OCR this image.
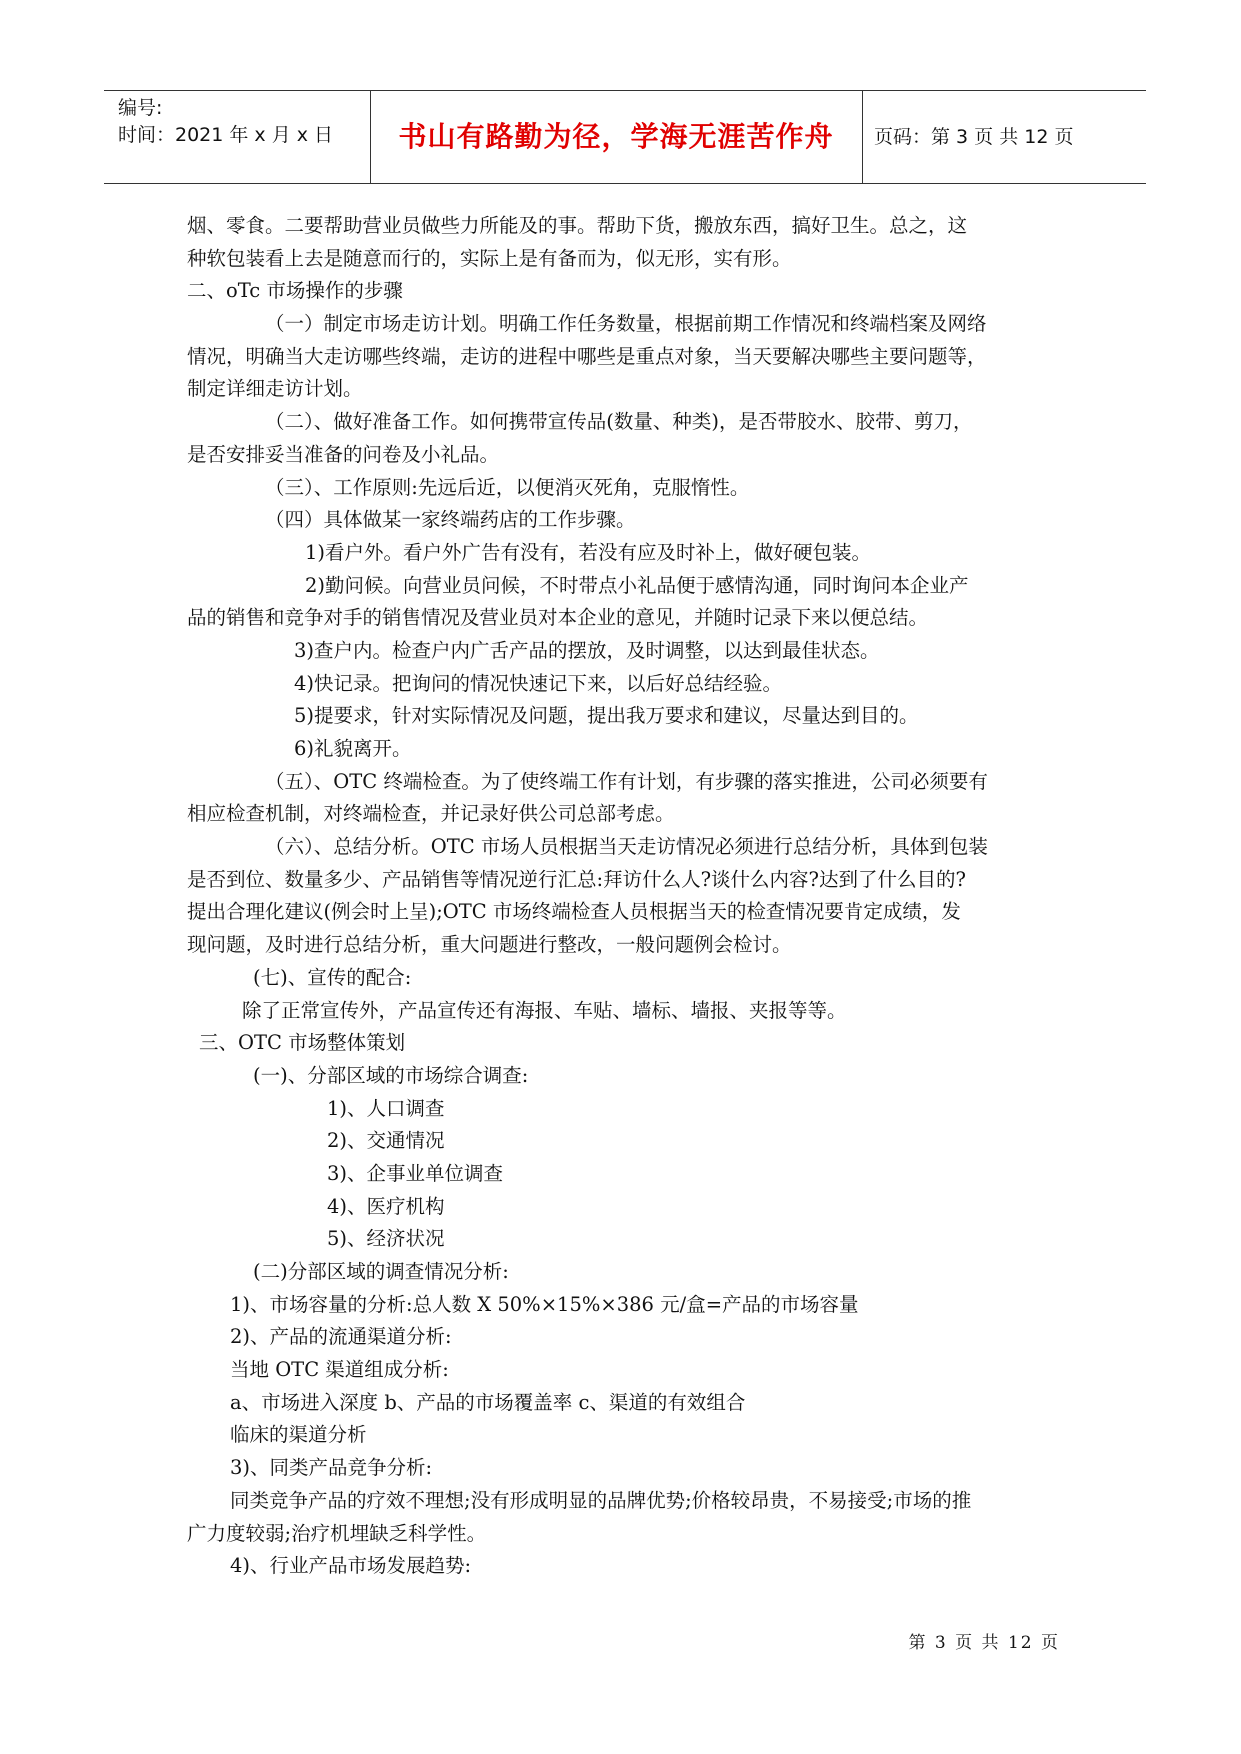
编号:
时间：2021 年 x 月 x 日	书山有路勤为径，学海无涯苦作舟	页码：第 3 页 共 12 页
烟、零食。二要帮助营业员做些力所能及的事。帮助下货，搬放东西，搞好卫生。总之，这
种软包装看上去是随意而行的，实际上是有备而为，似无形，实有形。
二、oTc 市场操作的步骤
（一）制定市场走访计划。明确工作任务数量，根据前期工作情况和终端档案及网络
情况，明确当大走访哪些终端，走访的进程中哪些是重点对象，当天要解决哪些主要问题等，
制定详细走访计划。
（二）、做好准备工作。如何携带宣传品(数量、种类)，是否带胶水、胶带、剪刀，
是否安排妥当准备的问卷及小礼品。
（三）、工作原则:先远后近，以便消灭死角，克服惰性。
（四）具体做某一家终端药店的工作步骤。
1)看户外。看户外广告有没有，若没有应及时补上，做好硬包装。
2)勤问候。向营业员问候，不时带点小礼品便于感情沟通，同时询问本企业产
品的销售和竞争对手的销售情况及营业员对本企业的意见，并随时记录下来以便总结。
3)查户内。检查户内广舌产品的摆放，及时调整，以达到最佳状态。
4)快记录。把询问的情况快速记下来，以后好总结经验。
5)提要求，针对实际情况及问题，提出我万要求和建议，尽量达到目的。
6)礼貌离开。
（五）、OTC 终端检查。为了使终端工作有计划，有步骤的落实推进，公司必须要有
相应检查机制，对终端检查，并记录好供公司总部考虑。
（六）、总结分析。OTC 市场人员根据当天走访情况必须进行总结分析，具体到包装
是否到位、数量多少、产品销售等情况逆行汇总:拜访什么人?谈什么内容?达到了什么目的?
提出合理化建议(例会时上呈);OTC 市场终端检查人员根据当天的检查情况要肯定成绩，发
现问题，及时进行总结分析，重大问题进行整改，一般问题例会检讨。
(七)、宣传的配合:
除了正常宣传外，产品宣传还有海报、车贴、墙标、墙报、夹报等等。
三、OTC 市场整体策划
(一)、分部区域的市场综合调查:
1)、人口调查
2)、交通情况
3)、企事业单位调查
4)、医疗机构
5)、经济状况
(二)分部区域的调查情况分析:
1)、市场容量的分析:总人数 X 50%×15%×386 元/盒=产品的市场容量
2)、产品的流通渠道分析:
当地 OTC 渠道组成分析:
a、市场进入深度 b、产品的市场覆盖率 c、渠道的有效组合
临床的渠道分析
3)、同类产品竞争分析:
同类竞争产品的疗效不理想;没有形成明显的品牌优势;价格较昂贵，不易接受;市场的推
广力度较弱;治疗机埋缺乏科学性。
4)、行业产品市场发展趋势:
第 3 页 共 12 页
